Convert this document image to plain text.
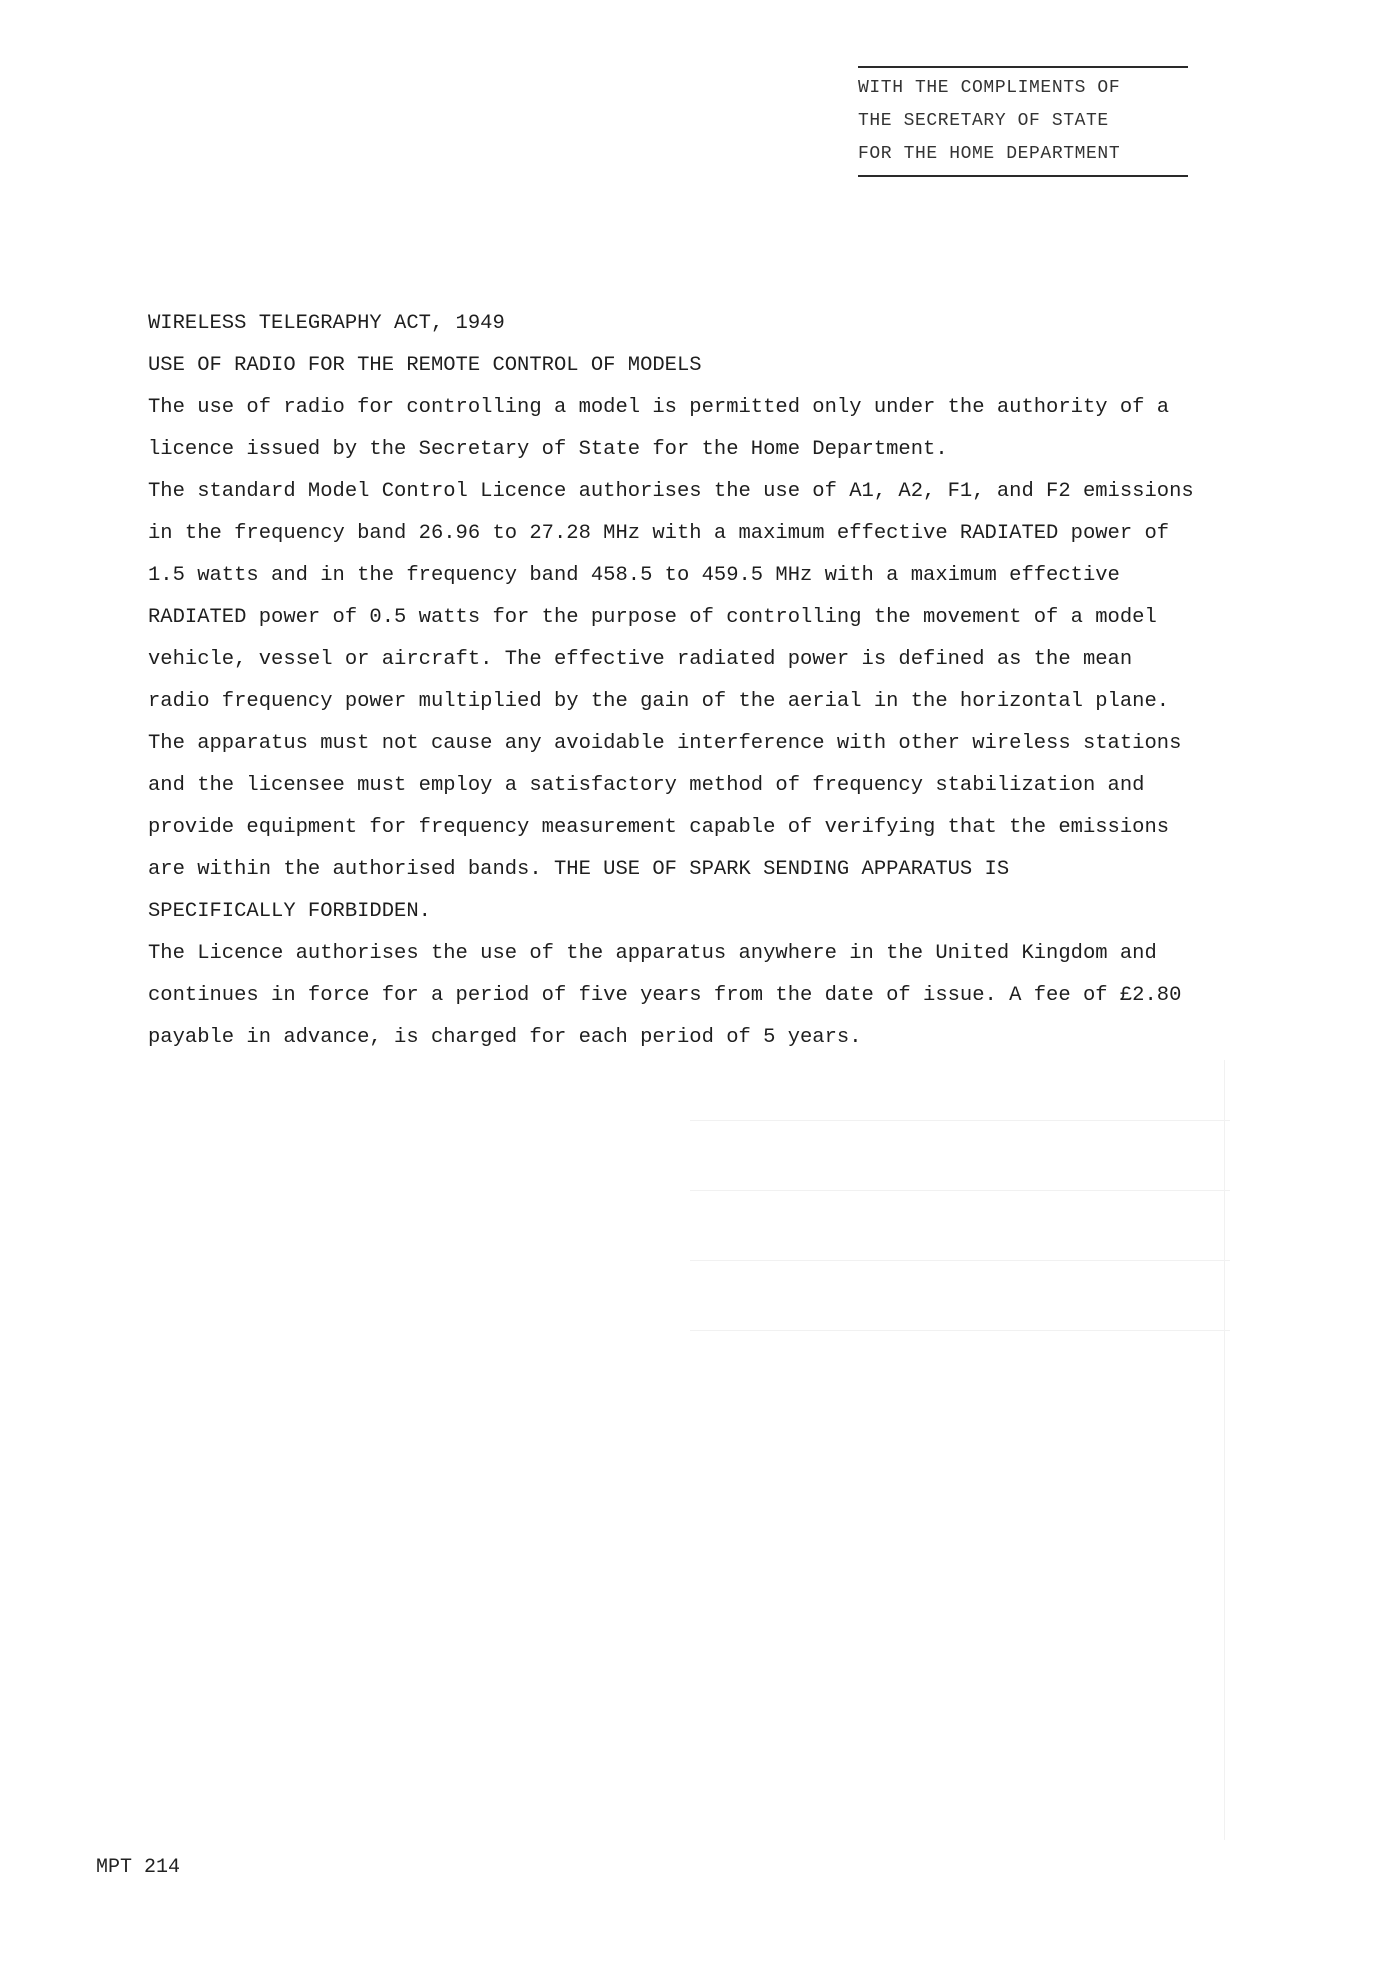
WITH THE COMPLIMENTS OF
THE SECRETARY OF STATE
FOR THE HOME DEPARTMENT
WIRELESS TELEGRAPHY ACT, 1949
USE OF RADIO FOR THE REMOTE CONTROL OF MODELS
The use of radio for controlling a model is permitted only under the authority of a
licence issued by the Secretary of State for the Home Department.
The standard Model Control Licence authorises the use of A1, A2, F1, and F2 emissions
in the frequency band 26.96 to 27.28 MHz with a maximum effective RADIATED power of
1.5 watts and in the frequency band 458.5 to 459.5 MHz with a maximum effective
RADIATED power of 0.5 watts for the purpose of controlling the movement of a model
vehicle, vessel or aircraft. The effective radiated power is defined as the mean
radio frequency power multiplied by the gain of the aerial in the horizontal plane.
The apparatus must not cause any avoidable interference with other wireless stations
and the licensee must employ a satisfactory method of frequency stabilization and
provide equipment for frequency measurement capable of verifying that the emissions
are within the authorised bands. THE USE OF SPARK SENDING APPARATUS IS
SPECIFICALLY FORBIDDEN.
The Licence authorises the use of the apparatus anywhere in the United Kingdom and
continues in force for a period of five years from the date of issue. A fee of £2.80
payable in advance, is charged for each period of 5 years.
MPT 214
